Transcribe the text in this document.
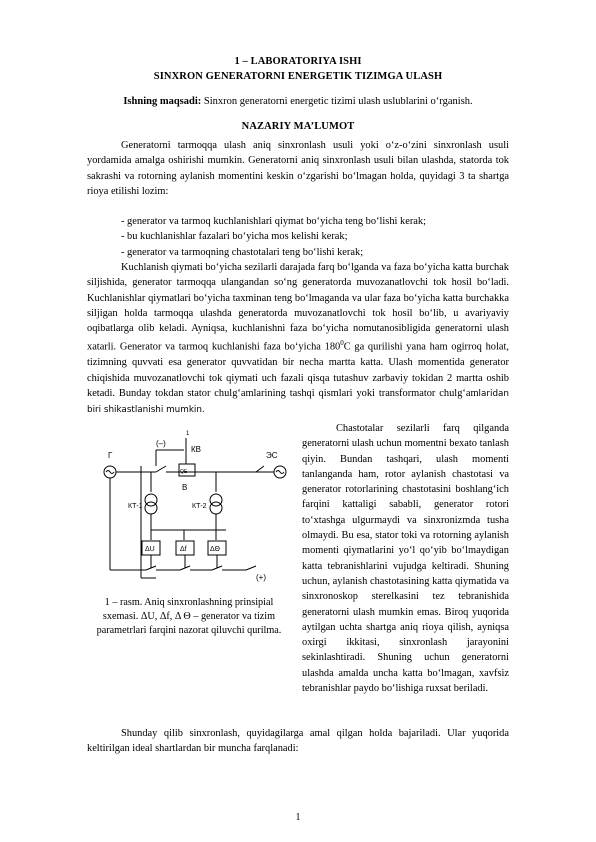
1 – LABORATORIYA ISHI
SINXRON GENERATORNI ENERGETIK TIZIMGA ULASH
Ishning maqsadi: Sinxron generatorni energetic tizimi ulash uslublarini o‘rganish.
NAZARIY MA’LUMOT

Generatorni tarmoqqa ulash aniq sinxronlash usuli yoki o‘z-o‘zini sinxronlash usuli yordamida amalga oshirishi mumkin. Generatorni aniq sinxronlash usuli bilan ulashda, statorda tok sakrashi va rotorning aylanish momentini keskin o‘zgarishi bo‘lmagan holda, quyidagi 3 ta shartga rioya etilishi lozim:

- generator va tarmoq kuchlanishlari qiymat bo‘yicha teng bo‘lishi kerak;
- bu kuchlanishlar fazalari bo‘yicha mos kelishi kerak;
- generator va tarmoqning chastotalari teng bo‘lishi kerak;

Kuchlanish qiymati bo‘yicha sezilarli darajada farq bo‘lganda va faza bo‘yicha katta burchak siljishida, generator tarmoqqa ulangandan so‘ng generatorda muvozanatlovchi tok hosil bo‘ladi. Kuchlanishlar qiymatlari bo‘yicha taxminan teng bo‘lmaganda va ular faza bo‘yicha katta burchakka siljigan holda tarmoqqa ulashda generatorda muvozanatlovchi tok hosil bo‘lib, u avariyaviy oqibatlarga olib keladi. Ayniqsa, kuchlanishni faza bo‘yicha nomutanosibligida generatorni ulash xatarli. Generator va tarmoq kuchlanishi faza bo‘yicha $180^0C$ ga qurilishi yana ham ogirroq holat, tizimning quvvati esa generator quvvatidan bir necha martta katta. Ulash momentida generator chiqishida muvozanatlovchi tok qiymati uch fazali qisqa tutashuv zarbaviy tokidan 2 martta oshib ketadi. Bunday tokdan stator chulg‘amlarining tashqi qismlari yoki transformator chulg‘amlaridan biri shikastlanishi mumkin.

Г
(–)
КВ
ЭС
В
QE
1
КТ-1	КТ-2
ΔU	Δf	ΔΘ
(+)
1 – rasm. Aniq sinxronlashning prinsipial sxemasi. ΔU, Δf, Δ Θ – generator va tizim parametrlari farqini nazorat qiluvchi qurilma.

Chastotalar sezilarli farq qilganda generatorni ulash uchun momentni bexato tanlash qiyin. Bundan tashqari, ulash momenti tanlanganda ham, rotor aylanish chastotasi va generator rotorlarining chastotasini boshlang‘ich farqini kattaligi sababli, generator rotori to‘xtashga ulgurmaydi va sinxronizmda tusha olmaydi. Bu esa, stator toki va rotorning aylanish momenti qiymatlarini yo‘l qo‘yib bo‘lmaydigan katta tebranishlarini vujudga keltiradi. Shuning uchun, aylanish chastotasining katta qiymatida va sinxronoskop sterelkasini tez tebranishida generatorni ulash mumkin emas. Biroq yuqorida aytilgan uchta shartga aniq rioya qilish, ayniqsa oxirgi ikkitasi, sinxronlash jarayonini sekinlashtiradi. Shuning uchun generatorni ulashda amalda uncha katta bo‘lmagan, xavfsiz tebranishlar paydo bo‘lishiga ruxsat beriladi.

Shunday qilib sinxronlash, quyidagilarga amal qilgan holda bajariladi. Ular yuqorida keltirilgan ideal shartlardan bir muncha farqlanadi:

1
